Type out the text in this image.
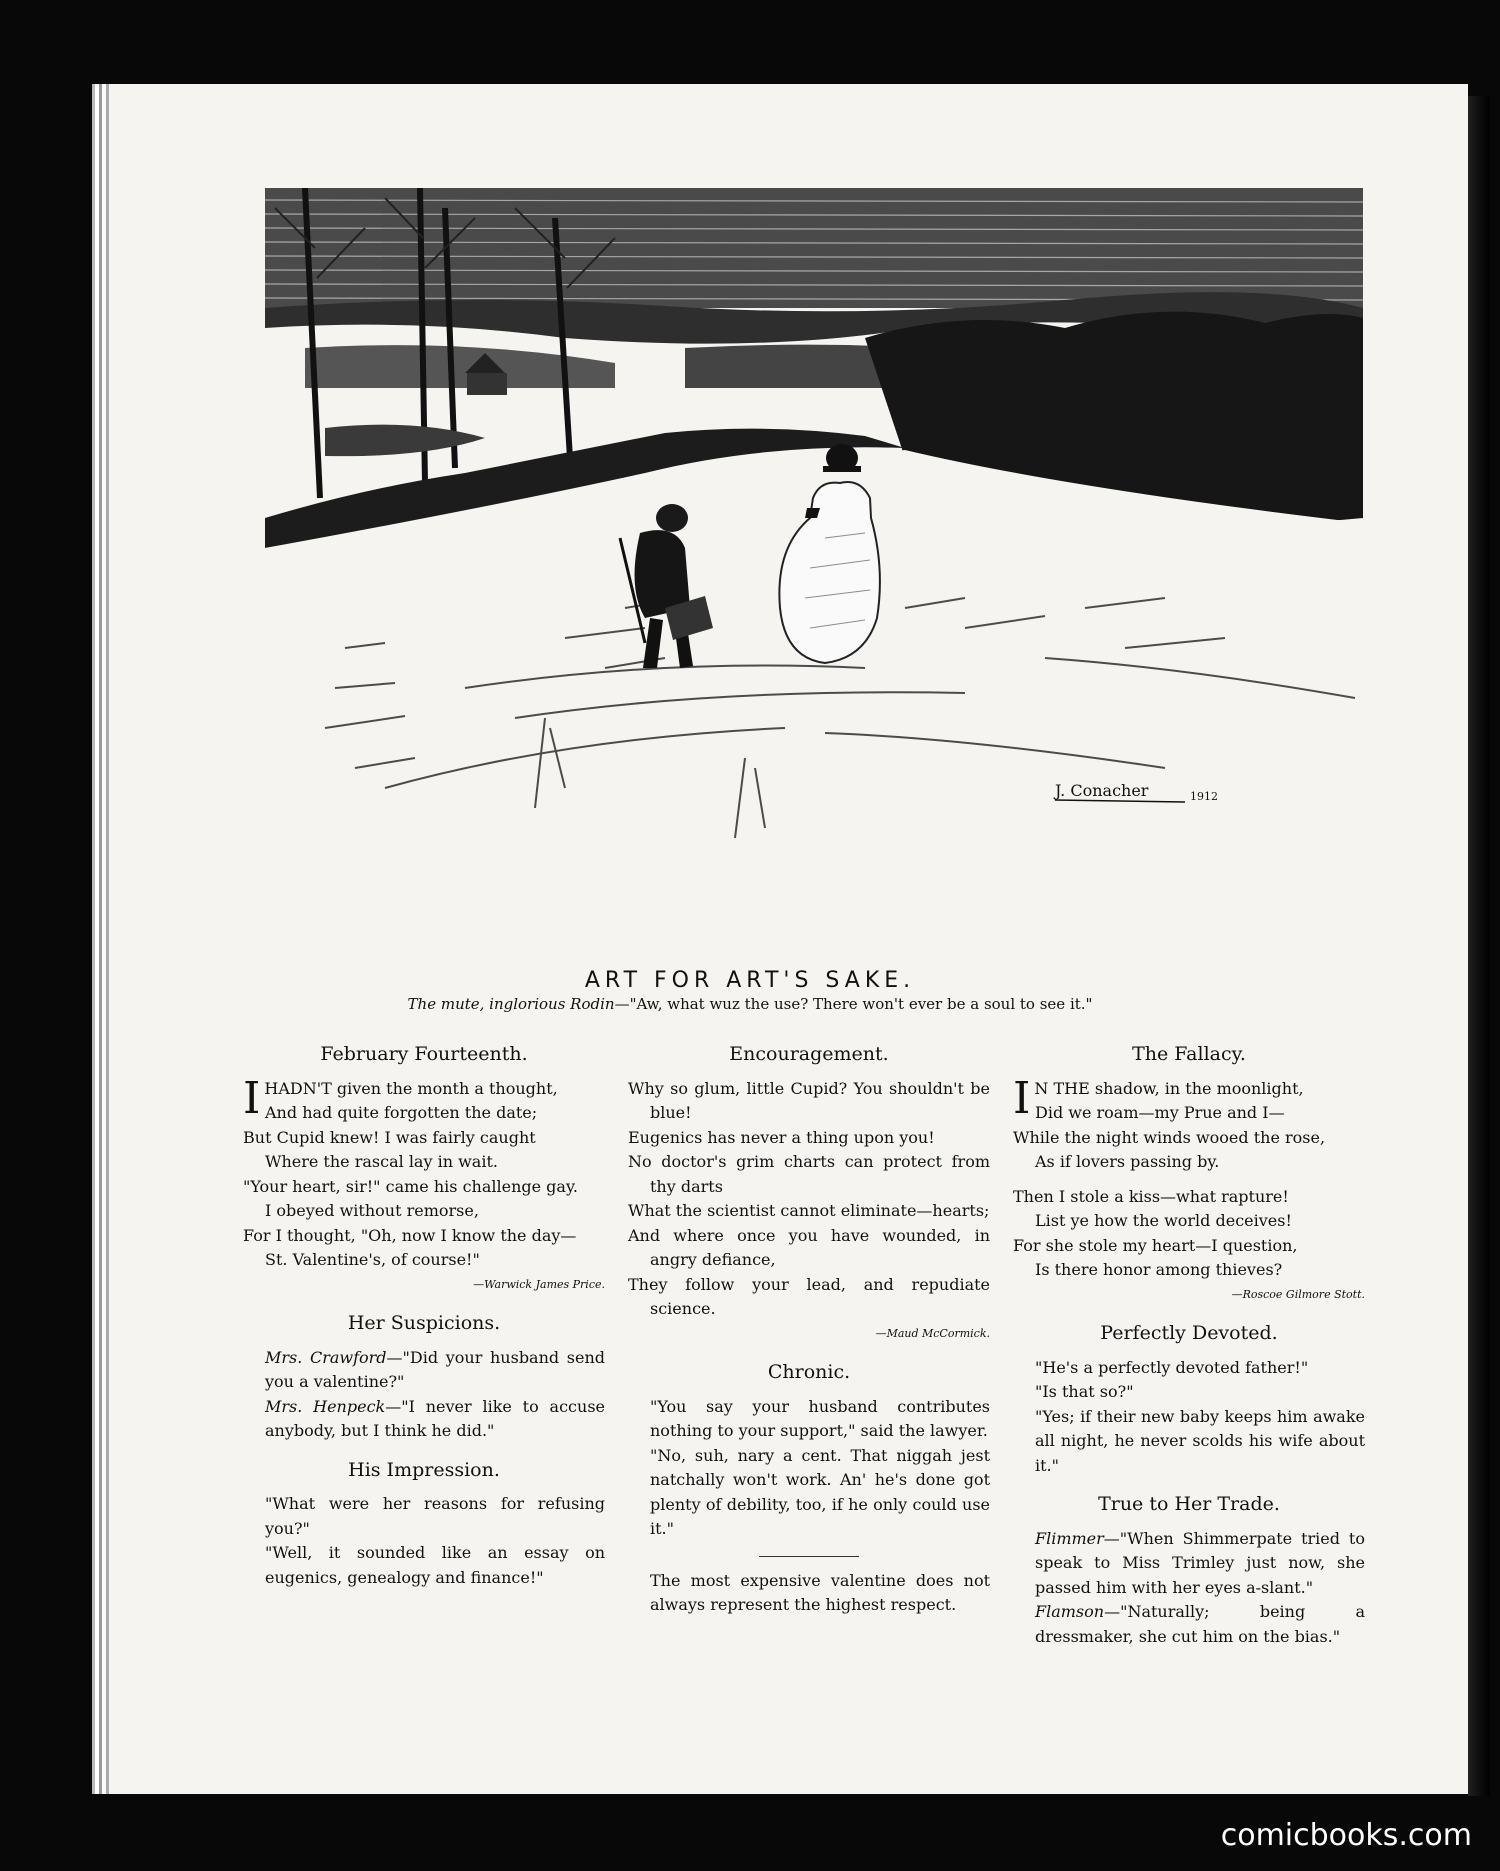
J. Conacher	1912
ART FOR ART'S SAKE.
The mute, inglorious Rodin—"Aw, what wuz the use? There won't ever be a soul to see it."
February Fourteenth.
I HADN'T given the month a thought,

And had quite forgotten the date;

But Cupid knew! I was fairly caught

Where the rascal lay in wait.

"Your heart, sir!" came his challenge gay.

I obeyed without remorse,

For I thought, "Oh, now I know the day—

St. Valentine's, of course!"

—Warwick James Price.

Her Suspicions.

Mrs. Crawford—"Did your husband send you a valentine?"

Mrs. Henpeck—"I never like to accuse anybody, but I think he did."

His Impression.

"What were her reasons for refusing you?"

"Well, it sounded like an essay on eugenics, genealogy and finance!"

Encouragement.

Why so glum, little Cupid? You shouldn't be blue!

Eugenics has never a thing upon you!

No doctor's grim charts can protect from thy darts

What the scientist cannot eliminate—hearts;

And where once you have wounded, in angry defiance,

They follow your lead, and repudiate science.

—Maud McCormick.

Chronic.

"You say your husband contributes nothing to your support," said the lawyer.

"No, suh, nary a cent. That niggah jest natchally won't work. An' he's done got plenty of debility, too, if he only could use it."

The most expensive valentine does not always represent the highest respect.

The Fallacy.
I N THE shadow, in the moonlight,

Did we roam—my Prue and I—

While the night winds wooed the rose,

As if lovers passing by.

Then I stole a kiss—what rapture!

List ye how the world deceives!

For she stole my heart—I question,

Is there honor among thieves?

—Roscoe Gilmore Stott.

Perfectly Devoted.

"He's a perfectly devoted father!"

"Is that so?"

"Yes; if their new baby keeps him awake all night, he never scolds his wife about it."

True to Her Trade.

Flimmer—"When Shimmerpate tried to speak to Miss Trimley just now, she passed him with her eyes a-slant."

Flamson—"Naturally; being a dressmaker, she cut him on the bias."

comicbooks.com
